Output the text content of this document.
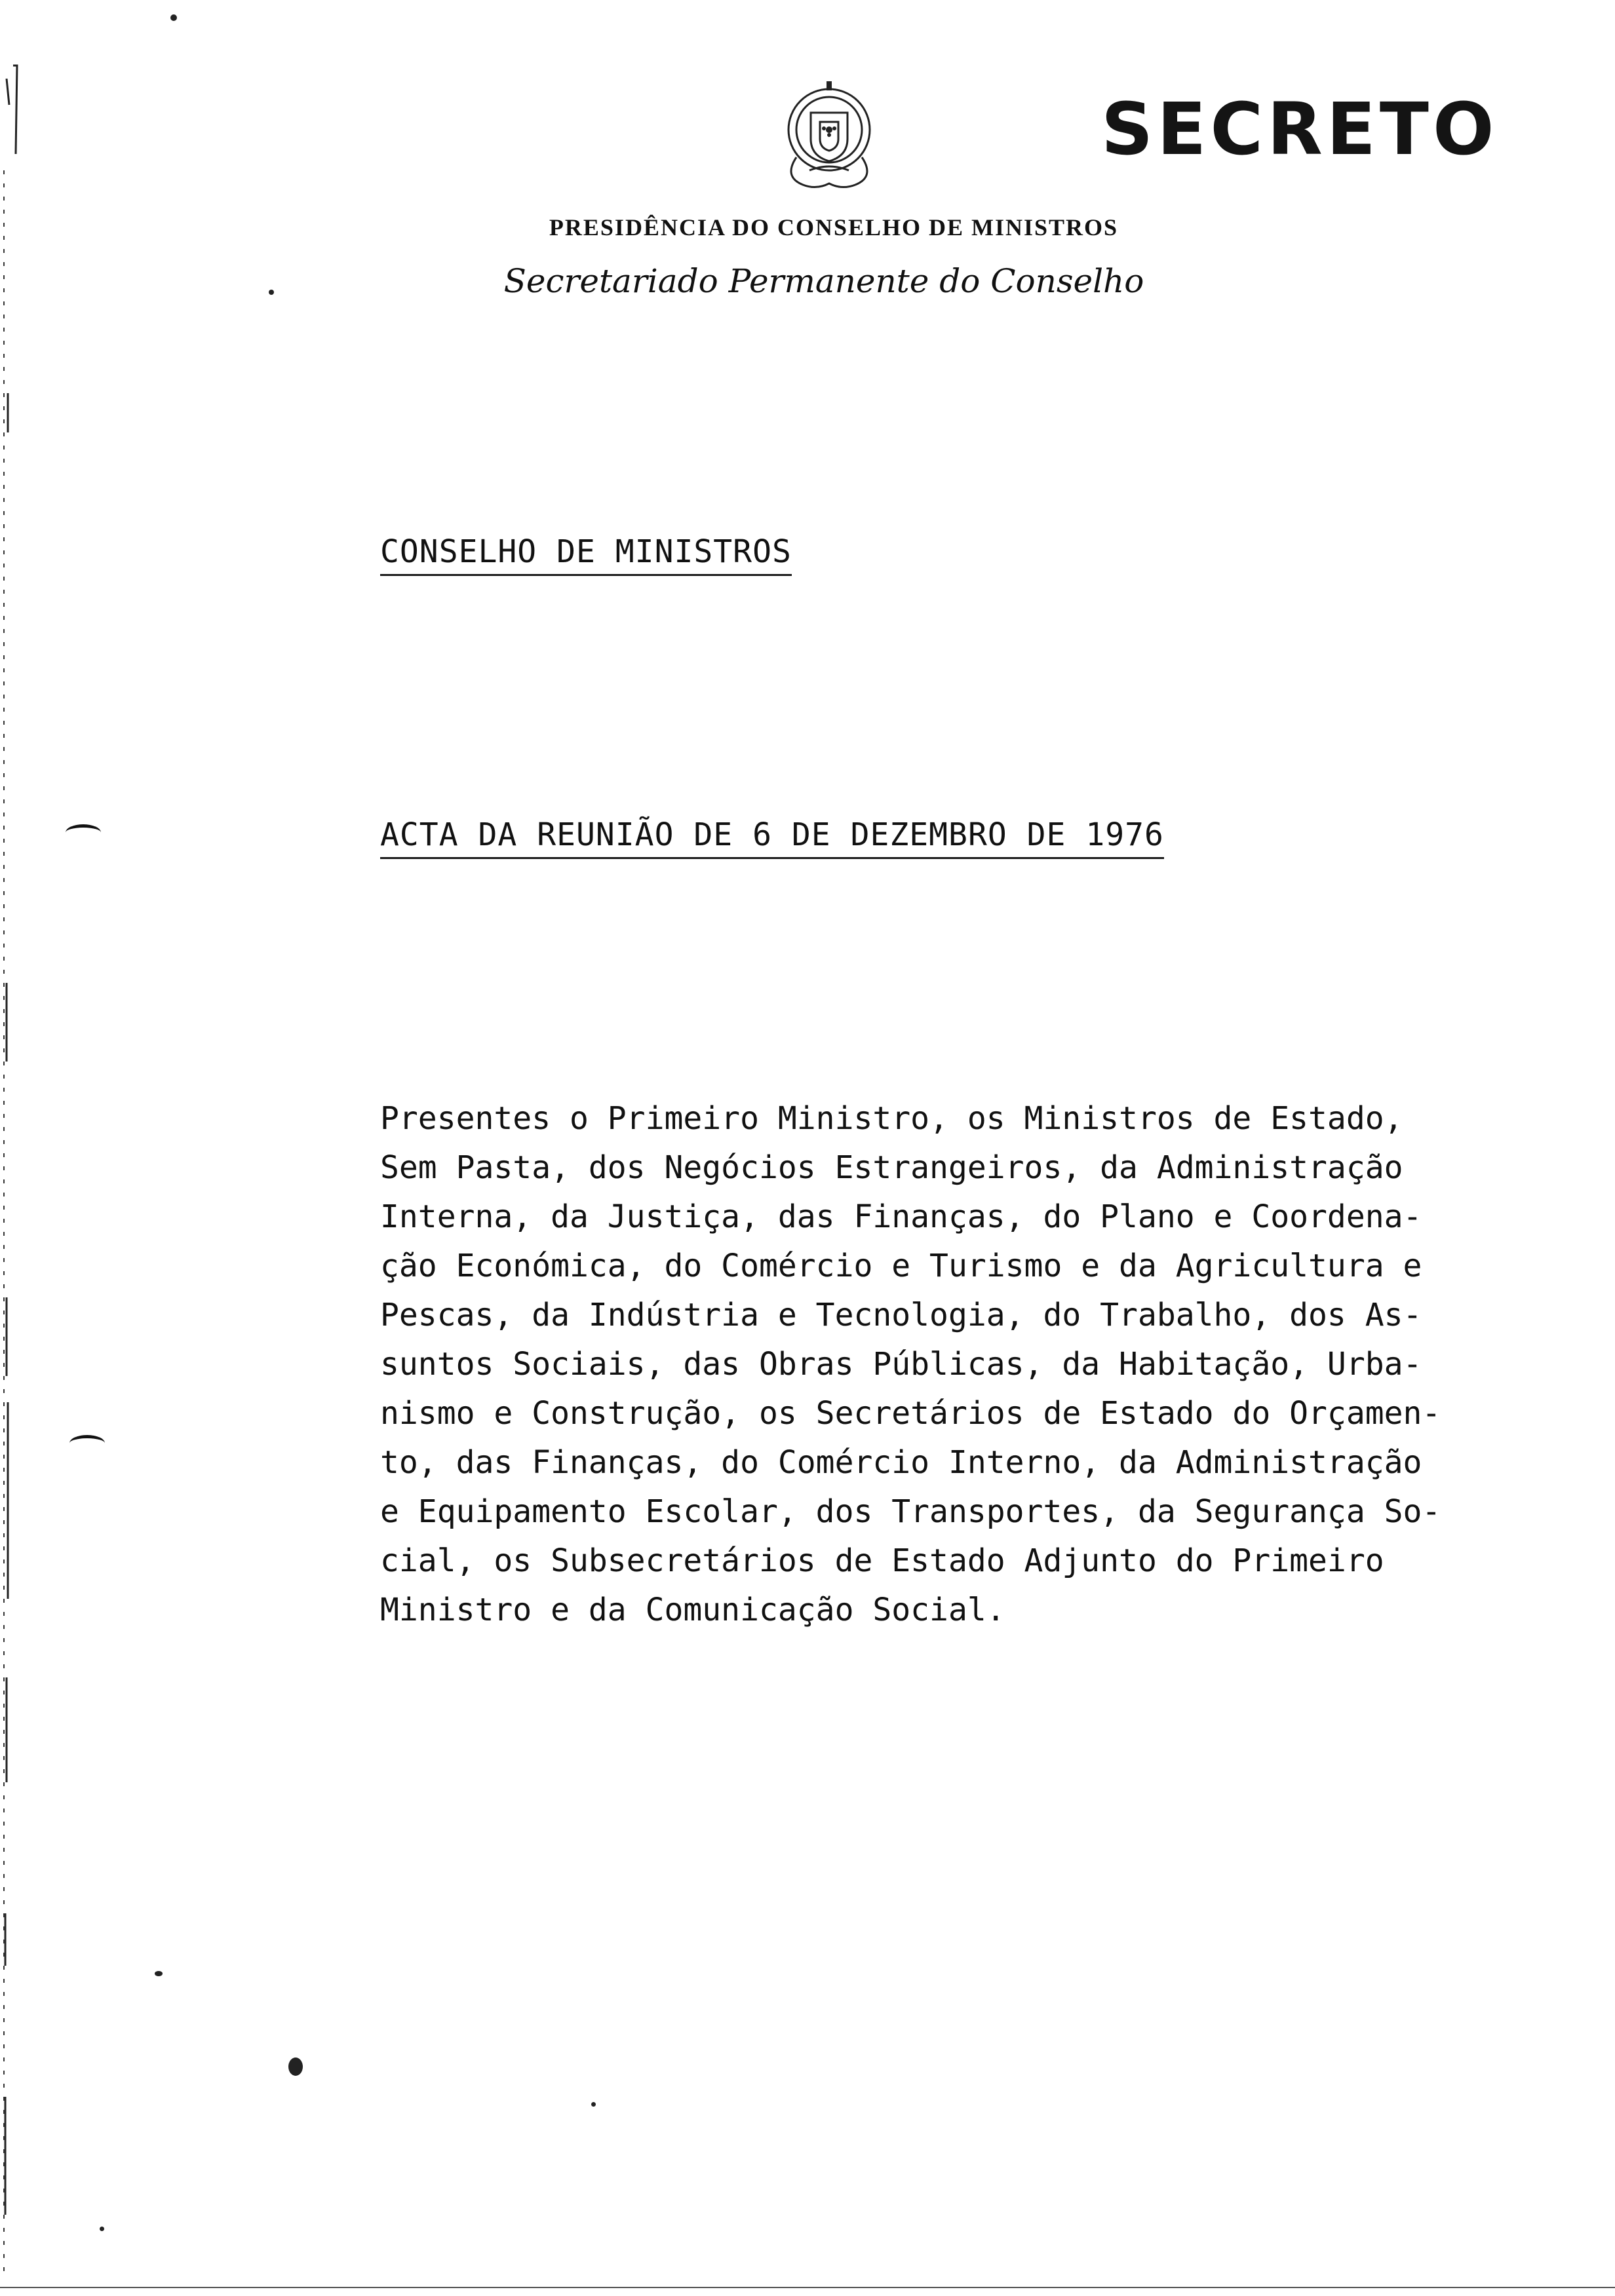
SECRETO
PRESIDÊNCIA DO CONSELHO DE MINISTROS
Secretariado Permanente do Conselho
CONSELHO DE MINISTROS
ACTA DA REUNIÃO DE 6 DE DEZEMBRO DE 1976
Presentes o Primeiro Ministro, os Ministros de Estado,
Sem Pasta, dos Negócios Estrangeiros, da Administração
Interna, da Justiça, das Finanças, do Plano e Coordena-
ção Económica, do Comércio e Turismo e da Agricultura e
Pescas, da Indústria e Tecnologia, do Trabalho, dos As-
suntos Sociais, das Obras Públicas, da Habitação, Urba-
nismo e Construção, os Secretários de Estado do Orçamen-
to, das Finanças, do Comércio Interno, da Administração
e Equipamento Escolar, dos Transportes, da Segurança So-
cial, os Subsecretários de Estado Adjunto do Primeiro
Ministro e da Comunicação Social.
